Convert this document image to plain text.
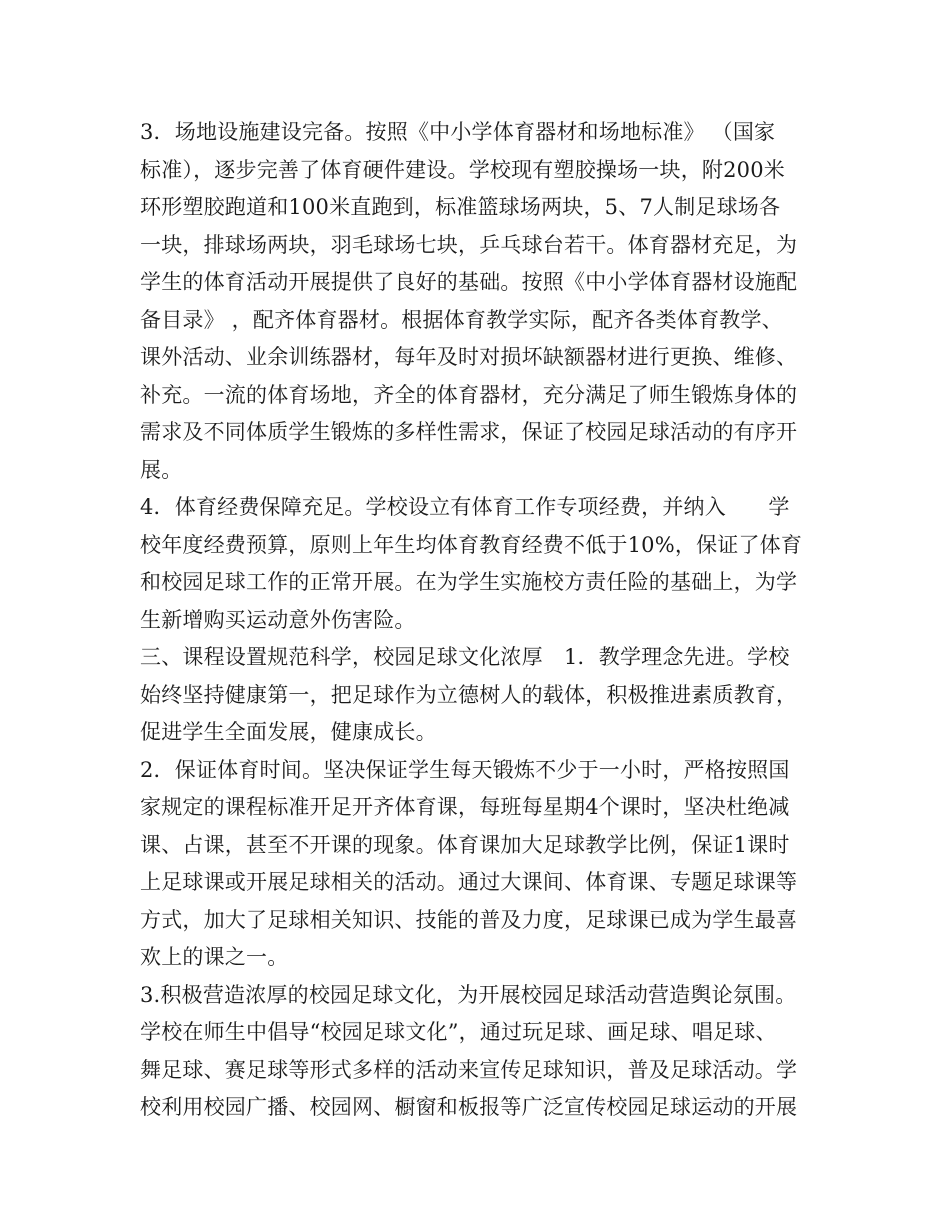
3．场地设施建设完备。按照《中小学体育器材和场地标准》 （国家
标准），逐步完善了体育硬件建设。学校现有塑胶操场一块，附200米
环形塑胶跑道和100米直跑到，标准篮球场两块，5、7人制足球场各
一块，排球场两块，羽毛球场七块，乒乓球台若干。体育器材充足，为
学生的体育活动开展提供了良好的基础。按照《中小学体育器材设施配
备目录》 ，配齐体育器材。根据体育教学实际，配齐各类体育教学、
课外活动、业余训练器材，每年及时对损坏缺额器材进行更换、维修、
补充。一流的体育场地，齐全的体育器材，充分满足了师生锻炼身体的
需求及不同体质学生锻炼的多样性需求，保证了校园足球活动的有序开
展。
4．体育经费保障充足。学校设立有体育工作专项经费，并纳入　　学
校年度经费预算，原则上年生均体育教育经费不低于10%，保证了体育
和校园足球工作的正常开展。在为学生实施校方责任险的基础上，为学
生新增购买运动意外伤害险。
三、课程设置规范科学，校园足球文化浓厚　1．教学理念先进。学校
始终坚持健康第一，把足球作为立德树人的载体，积极推进素质教育，
促进学生全面发展，健康成长。
2．保证体育时间。坚决保证学生每天锻炼不少于一小时，严格按照国
家规定的课程标准开足开齐体育课，每班每星期4个课时，坚决杜绝减
课、占课，甚至不开课的现象。体育课加大足球教学比例，保证1课时
上足球课或开展足球相关的活动。通过大课间、体育课、专题足球课等
方式，加大了足球相关知识、技能的普及力度，足球课已成为学生最喜
欢上的课之一。
3.积极营造浓厚的校园足球文化，为开展校园足球活动营造舆论氛围。
学校在师生中倡导“校园足球文化”，通过玩足球、画足球、唱足球、
舞足球、赛足球等形式多样的活动来宣传足球知识，普及足球活动。学
校利用校园广播、校园网、橱窗和板报等广泛宣传校园足球运动的开展
